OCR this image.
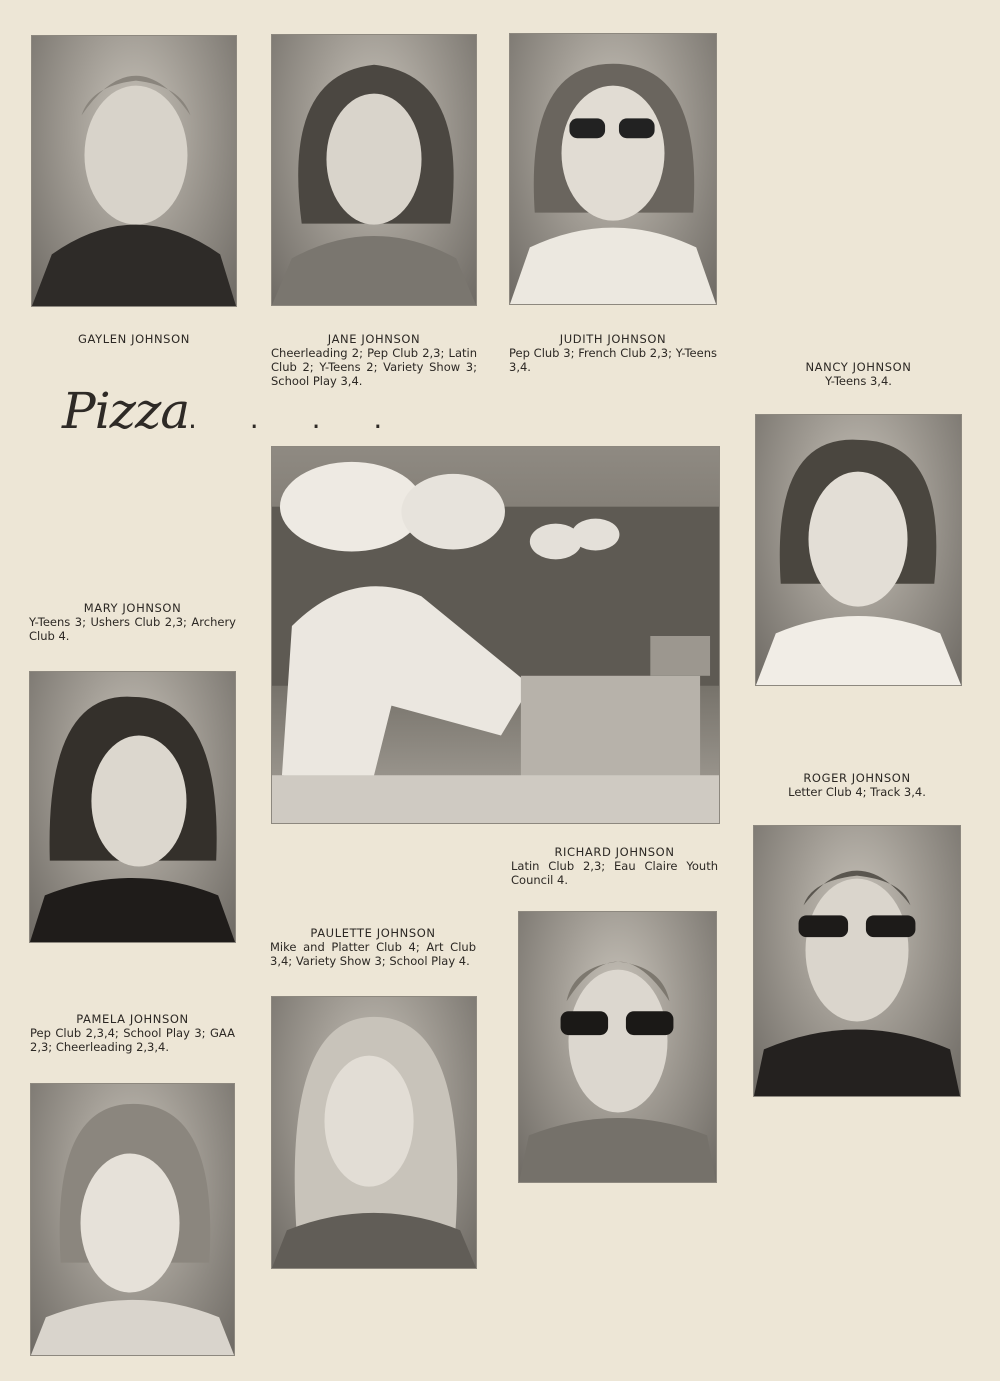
Pizza
. . . .
GAYLEN JOHNSON	JANE JOHNSON
Cheerleading 2; Pep Club 2,3; Latin Club 2; Y-Teens 2; Variety Show 3; School Play 3,4.
JUDITH JOHNSON
Pep Club 3; French Club 2,3; Y-Teens 3,4.	NANCY JOHNSON
Y-Teens 3,4.
MARY JOHNSON
Y-Teens 3; Ushers Club 2,3; Archery Club 4.
ROGER JOHNSON
Letter Club 4; Track 3,4.
RICHARD JOHNSON
Latin Club 2,3; Eau Claire Youth Council 4.
PAULETTE JOHNSON
Mike and Platter Club 4; Art Club 3,4; Variety Show 3; School Play 4.
PAMELA JOHNSON
Pep Club 2,3,4; School Play 3; GAA 2,3; Cheerleading 2,3,4.
